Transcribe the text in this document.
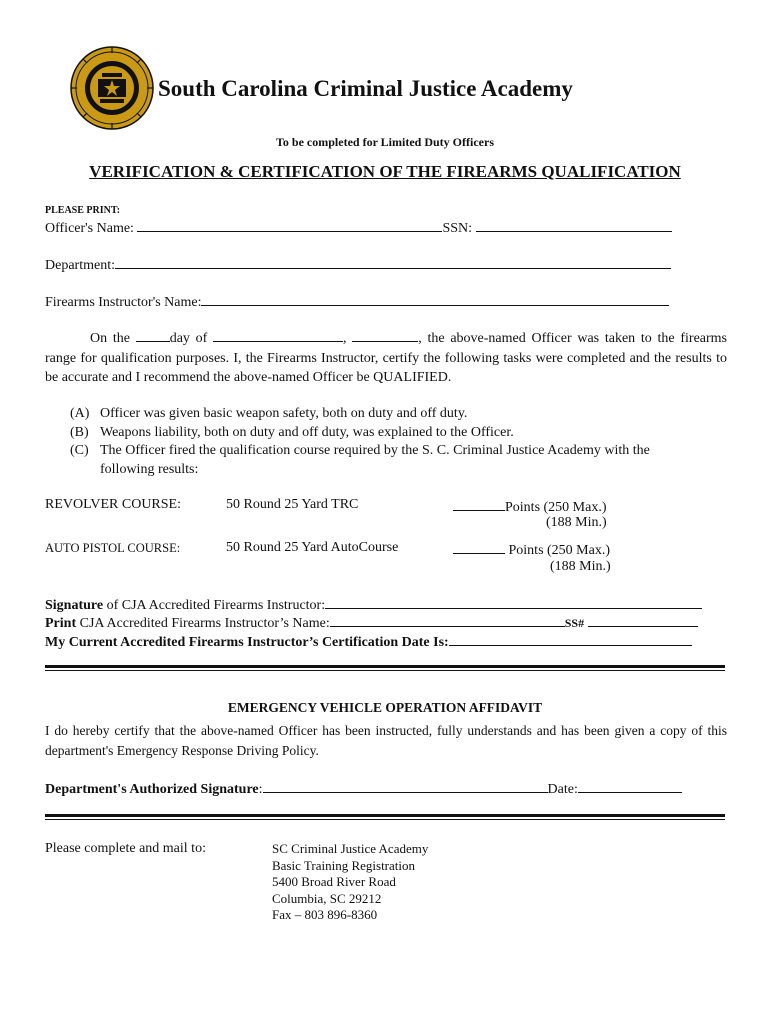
South Carolina Criminal Justice Academy
To be completed for Limited Duty Officers
VERIFICATION & CERTIFICATION OF THE FIREARMS QUALIFICATION
PLEASE PRINT:
Officer's Name:	SSN:
Department:
Firearms Instructor's Name:
On the	day of	,	, the above-named Officer was taken to the firearms range for qualification purposes. I, the Firearms Instructor, certify the following tasks were completed and the results to be accurate and I recommend the above-named Officer be QUALIFIED.
(A) Officer was given basic weapon safety, both on duty and off duty.
(B) Weapons liability, both on duty and off duty, was explained to the Officer.
(C) The Officer fired the qualification course required by the S. C. Criminal Justice Academy with the
following results:
REVOLVER COURSE:	50 Round 25 Yard TRC	Points (250 Max.)
(188 Min.)
AUTO PISTOL COURSE:	50 Round 25 Yard AutoCourse	Points (250 Max.)
(188 Min.)
Signature of CJA Accredited Firearms Instructor:
Print CJA Accredited Firearms Instructor’s Name:	SS#
My Current Accredited Firearms Instructor’s Certification Date Is:
EMERGENCY VEHICLE OPERATION AFFIDAVIT
I do hereby certify that the above-named Officer has been instructed, fully understands and has been given a copy of this department's Emergency Response Driving Policy.
Department's Authorized Signature:	Date:
Please complete and mail to:	SC Criminal Justice Academy
Basic Training Registration
5400 Broad River Road
Columbia, SC 29212
Fax – 803 896-8360
